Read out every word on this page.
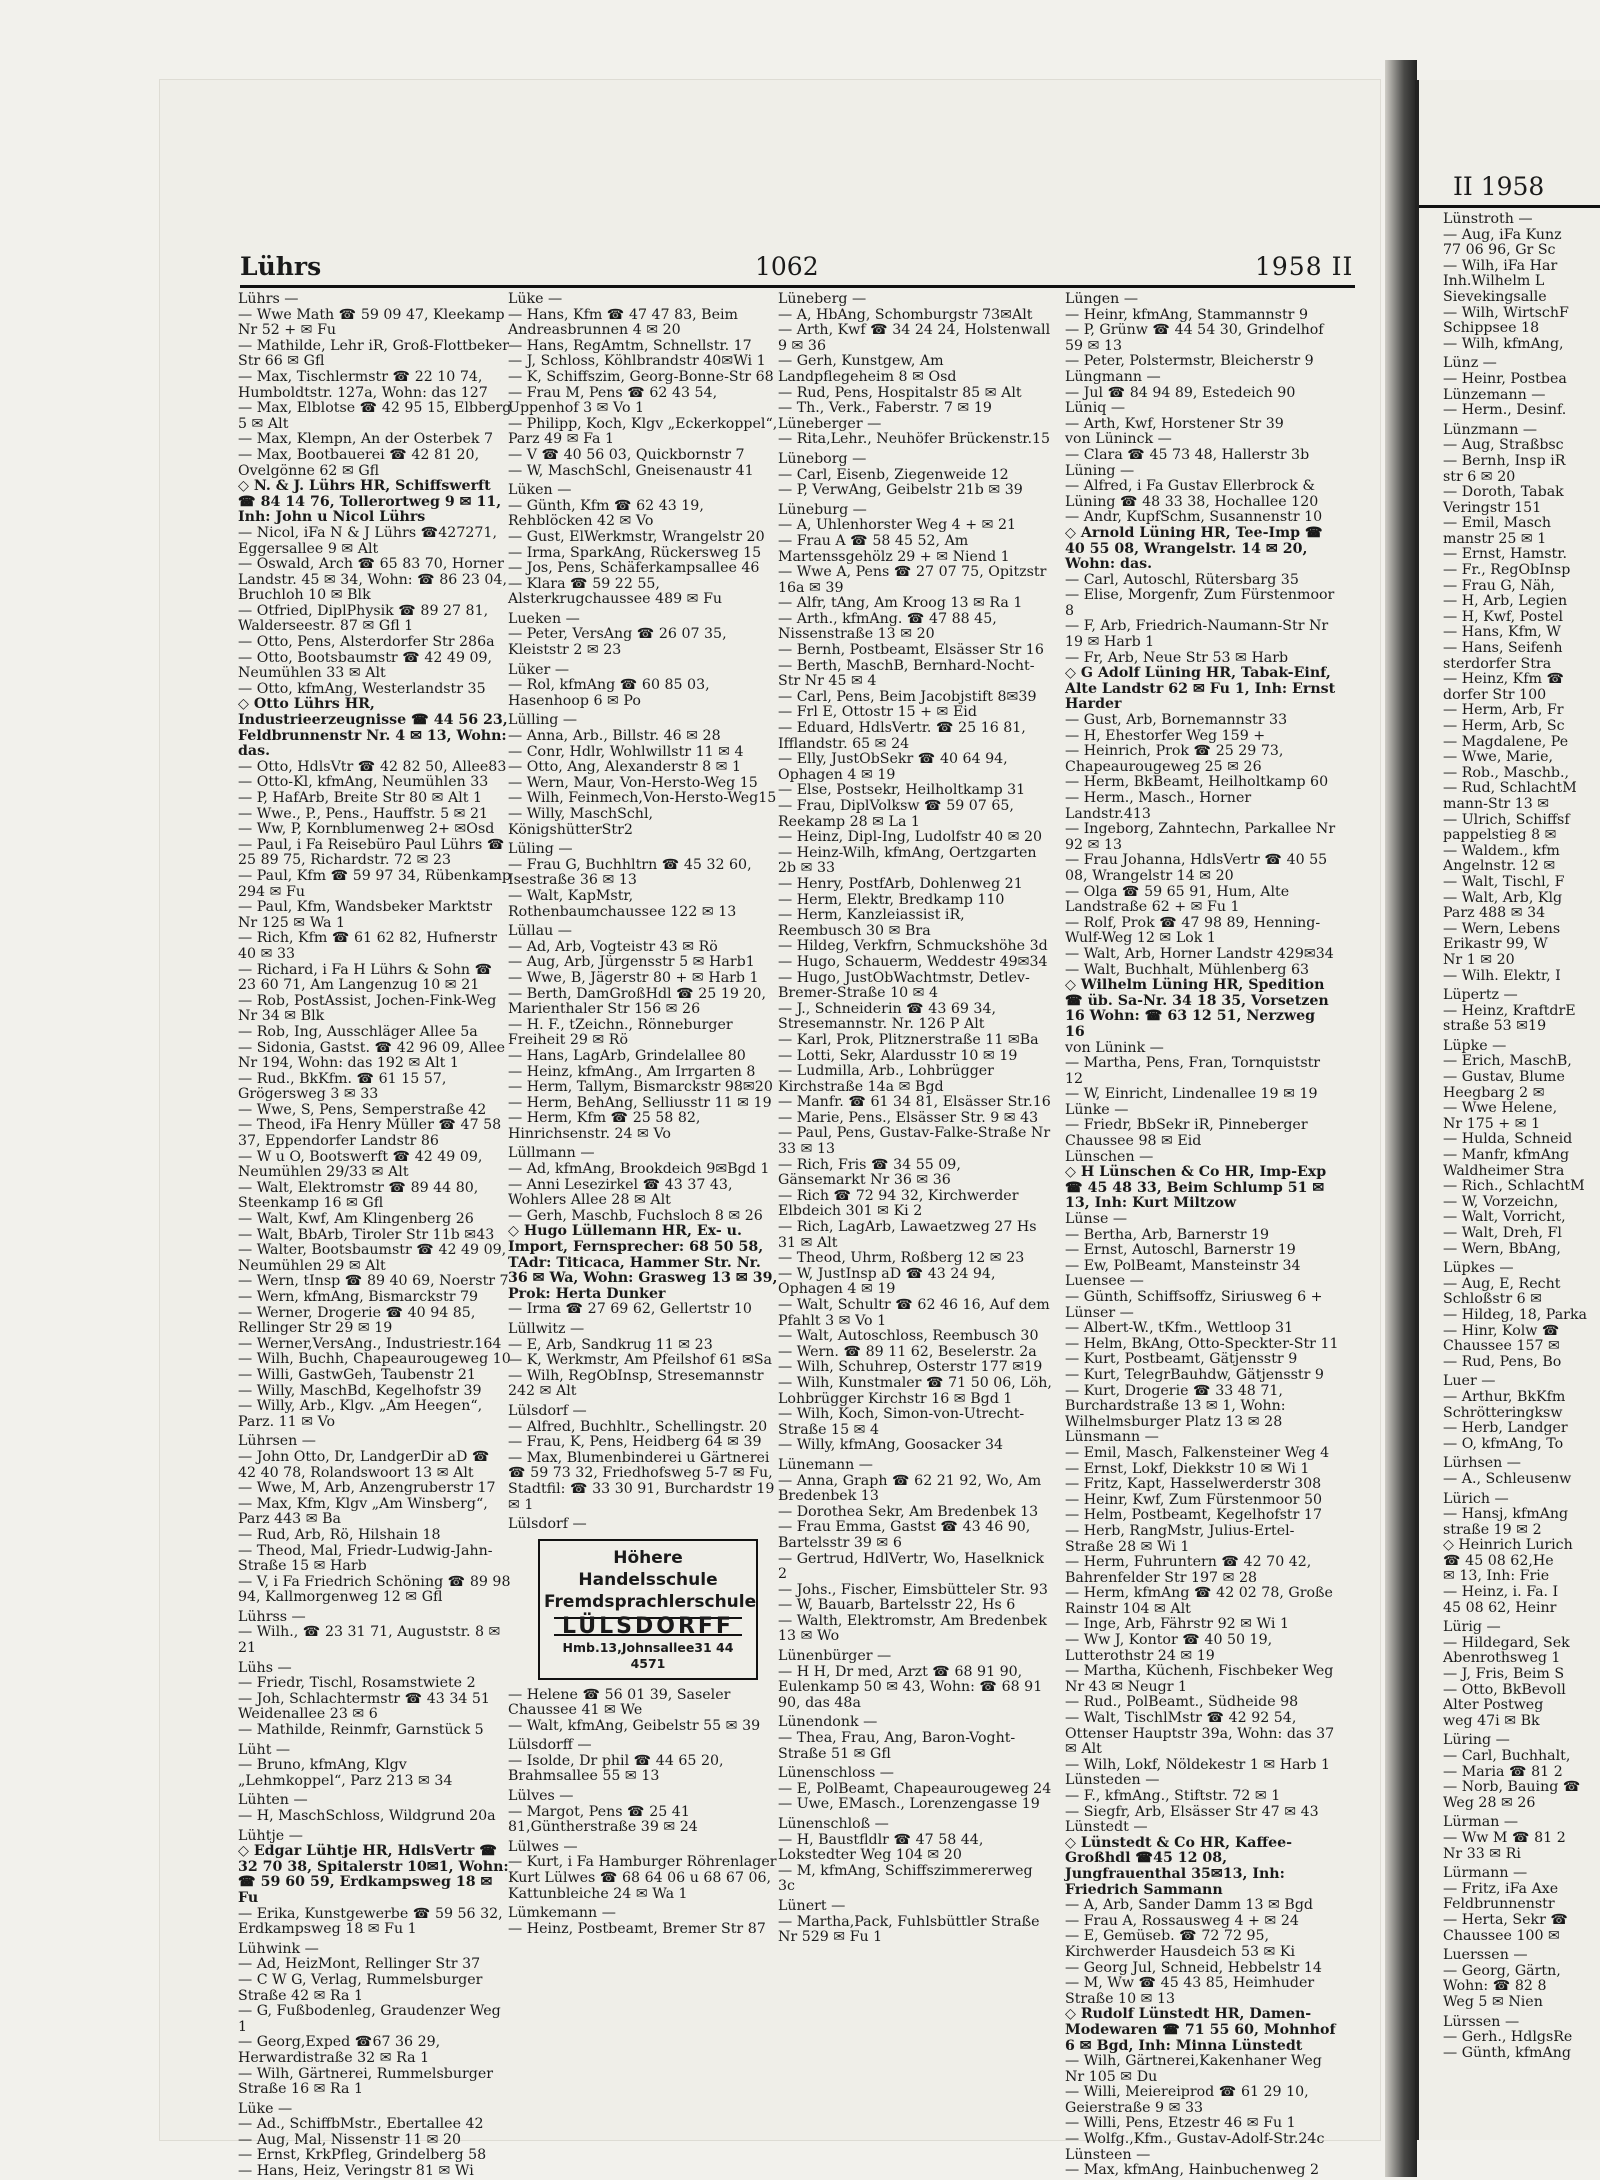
Lührs	1062	1958 II

Lührs —

— Wwe Math ☎ 59 09 47, Kleekamp Nr 52 + ✉ Fu

— Mathilde, Lehr iR, Groß-Flottbeker Str 66 ✉ Gfl

— Max, Tischlermstr ☎ 22 10 74, Humboldtstr. 127a, Wohn: das 127

— Max, Elblotse ☎ 42 95 15, Elbberg 5 ✉ Alt

— Max, Klempn, An der Osterbek 7

— Max, Bootbauerei ☎ 42 81 20, Ovelgönne 62 ✉ Gfl

◇ N. & J. Lührs HR, Schiffswerft ☎ 84 14 76, Tollerortweg 9 ✉ 11, Inh: John u Nicol Lührs

— Nicol, iFa N & J Lührs ☎427271, Eggersallee 9 ✉ Alt

— Oswald, Arch ☎ 65 83 70, Horner Landstr. 45 ✉ 34, Wohn: ☎ 86 23 04, Bruchloh 10 ✉ Blk

— Otfried, DiplPhysik ☎ 89 27 81, Walderseestr. 87 ✉ Gfl 1

— Otto, Pens, Alsterdorfer Str 286a

— Otto, Bootsbaumstr ☎ 42 49 09, Neumühlen 33 ✉ Alt

— Otto, kfmAng, Westerlandstr 35

◇ Otto Lührs HR, Industrieerzeugnisse ☎ 44 56 23, Feldbrunnenstr Nr. 4 ✉ 13, Wohn: das.

— Otto, HdlsVtr ☎ 42 82 50, Allee83

— Otto-Kl, kfmAng, Neumühlen 33

— P, HafArb, Breite Str 80 ✉ Alt 1

— Wwe., P., Pens., Hauffstr. 5 ✉ 21

— Ww, P, Kornblumenweg 2+ ✉Osd

— Paul, i Fa Reisebüro Paul Lührs ☎ 25 89 75, Richardstr. 72 ✉ 23

— Paul, Kfm ☎ 59 97 34, Rübenkamp 294 ✉ Fu

— Paul, Kfm, Wandsbeker Marktstr Nr 125 ✉ Wa 1

— Rich, Kfm ☎ 61 62 82, Hufnerstr 40 ✉ 33

— Richard, i Fa H Lührs & Sohn ☎ 23 60 71, Am Langenzug 10 ✉ 21

— Rob, PostAssist, Jochen-Fink-Weg Nr 34 ✉ Blk

— Rob, Ing, Ausschläger Allee 5a

— Sidonia, Gastst. ☎ 42 96 09, Allee Nr 194, Wohn: das 192 ✉ Alt 1

— Rud., BkKfm. ☎ 61 15 57, Grögersweg 3 ✉ 33

— Wwe, S, Pens, Semperstraße 42

— Theod, iFa Henry Müller ☎ 47 58 37, Eppendorfer Landstr 86

— W u O, Bootswerft ☎ 42 49 09, Neumühlen 29/33 ✉ Alt

— Walt, Elektromstr ☎ 89 44 80, Steenkamp 16 ✉ Gfl

— Walt, Kwf, Am Klingenberg 26

— Walt, BbArb, Tiroler Str 11b ✉43

— Walter, Bootsbaumstr ☎ 42 49 09, Neumühlen 29 ✉ Alt

— Wern, tInsp ☎ 89 40 69, Noerstr 7

— Wern, kfmAng, Bismarckstr 79

— Werner, Drogerie ☎ 40 94 85, Rellinger Str 29 ✉ 19

— Werner,VersAng., Industriestr.164

— Wilh, Buchh, Chapeaurougeweg 10

— Willi, GastwGeh, Taubenstr 21

— Willy, MaschBd, Kegelhofstr 39

— Willy, Arb., Klgv. „Am Heegen“, Parz. 11 ✉ Vo

Lührsen —

— John Otto, Dr, LandgerDir aD ☎ 42 40 78, Rolandswoort 13 ✉ Alt

— Wwe, M, Arb, Anzengruberstr 17

— Max, Kfm, Klgv „Am Winsberg“, Parz 443 ✉ Ba

— Rud, Arb, Rö, Hilshain 18

— Theod, Mal, Friedr-Ludwig-Jahn-Straße 15 ✉ Harb

— V, i Fa Friedrich Schöning ☎ 89 98 94, Kallmorgenweg 12 ✉ Gfl

Lührss —

— Wilh., ☎ 23 31 71, Auguststr. 8 ✉ 21

Lühs —

— Friedr, Tischl, Rosamstwiete 2

— Joh, Schlachtermstr ☎ 43 34 51 Weidenallee 23 ✉ 6

— Mathilde, Reinmfr, Garnstück 5

Lüht —

— Bruno, kfmAng, Klgv „Lehmkoppel“, Parz 213 ✉ 34

Lühten —

— H, MaschSchloss, Wildgrund 20a

Lühtje —

◇ Edgar Lühtje HR, HdlsVertr ☎ 32 70 38, Spitalerstr 10✉1, Wohn: ☎ 59 60 59, Erdkampsweg 18 ✉ Fu

— Erika, Kunstgewerbe ☎ 59 56 32, Erdkampsweg 18 ✉ Fu 1

Lühwink —

— Ad, HeizMont, Rellinger Str 37

— C W G, Verlag, Rummelsburger Straße 42 ✉ Ra 1

— G, Fußbodenleg, Graudenzer Weg 1

— Georg,Exped ☎67 36 29, Herwardistraße 32 ✉ Ra 1

— Wilh, Gärtnerei, Rummelsburger Straße 16 ✉ Ra 1

Lüke —

— Ad., SchiffbMstr., Ebertallee 42

— Aug, Mal, Nissenstr 11 ✉ 20

— Ernst, KrkPfleg, Grindelberg 58

— Hans, Heiz, Veringstr 81 ✉ Wi

Lüke —

— Hans, Kfm ☎ 47 47 83, Beim Andreasbrunnen 4 ✉ 20

— Hans, RegAmtm, Schnellstr. 17

— J, Schloss, Köhlbrandstr 40✉Wi 1

— K, Schiffszim, Georg-Bonne-Str 68

— Frau M, Pens ☎ 62 43 54, Uppenhof 3 ✉ Vo 1

— Philipp, Koch, Klgv „Eckerkoppel“, Parz 49 ✉ Fa 1

— V ☎ 40 56 03, Quickbornstr 7

— W, MaschSchl, Gneisenaustr 41

Lüken —

— Günth, Kfm ☎ 62 43 19, Rehblöcken 42 ✉ Vo

— Gust, ElWerkmstr, Wrangelstr 20

— Irma, SparkAng, Rückersweg 15

— Jos, Pens, Schäferkampsallee 46

— Klara ☎ 59 22 55, Alsterkrugchaussee 489 ✉ Fu

Lueken —

— Peter, VersAng ☎ 26 07 35, Kleiststr 2 ✉ 23

Lüker —

— Rol, kfmAng ☎ 60 85 03, Hasenhoop 6 ✉ Po

Lülling —

— Anna, Arb., Billstr. 46 ✉ 28

— Conr, Hdlr, Wohlwillstr 11 ✉ 4

— Otto, Ang, Alexanderstr 8 ✉ 1

— Wern, Maur, Von-Hersto-Weg 15

— Wilh, Feinmech,Von-Hersto-Weg15

— Willy, MaschSchl, KönigshütterStr2

Lüling —

— Frau G, Buchhltrn ☎ 45 32 60, Isestraße 36 ✉ 13

— Walt, KapMstr, Rothenbaumchaussee 122 ✉ 13

Lüllau —

— Ad, Arb, Vogteistr 43 ✉ Rö

— Aug, Arb, Jürgensstr 5 ✉ Harb1

— Wwe, B, Jägerstr 80 + ✉ Harb 1

— Berth, DamGroßHdl ☎ 25 19 20, Marienthaler Str 156 ✉ 26

— H. F., tZeichn., Rönneburger Freiheit 29 ✉ Rö

— Hans, LagArb, Grindelallee 80

— Heinz, kfmAng., Am Irrgarten 8

— Herm, Tallym, Bismarckstr 98✉20

— Herm, BehAng, Selliusstr 11 ✉ 19

— Herm, Kfm ☎ 25 58 82, Hinrichsenstr. 24 ✉ Vo

Lüllmann —

— Ad, kfmAng, Brookdeich 9✉Bgd 1

— Anni Lesezirkel ☎ 43 37 43, Wohlers Allee 28 ✉ Alt

— Gerh, Maschb, Fuchsloch 8 ✉ 26

◇ Hugo Lüllemann HR, Ex- u. Import, Fernsprecher: 68 50 58, TAdr: Titicaca, Hammer Str. Nr. 36 ✉ Wa, Wohn: Grasweg 13 ✉ 39, Prok: Herta Dunker

— Irma ☎ 27 69 62, Gellertstr 10

Lüllwitz —

— E, Arb, Sandkrug 11 ✉ 23

— K, Werkmstr, Am Pfeilshof 61 ✉Sa

— Wilh, RegObInsp, Stresemannstr 242 ✉ Alt

Lülsdorf —

— Alfred, Buchhltr., Schellingstr. 20

— Frau, K, Pens, Heidberg 64 ✉ 39

— Max, Blumenbinderei u Gärtnerei ☎ 59 73 32, Friedhofsweg 5-7 ✉ Fu, Stadtfil: ☎ 33 30 91, Burchardstr 19 ✉ 1

Lülsdorf —

Höhere Handelsschule
Fremdsprachlerschule
LÜLSDORFF
Hmb.13,Johnsallee31 44 4571

— Helene ☎ 56 01 39, Saseler Chaussee 41 ✉ We

— Walt, kfmAng, Geibelstr 55 ✉ 39

Lülsdorff —

— Isolde, Dr phil ☎ 44 65 20, Brahmsallee 55 ✉ 13

Lülves —

— Margot, Pens ☎ 25 41 81,Güntherstraße 39 ✉ 24

Lülwes —

— Kurt, i Fa Hamburger Röhrenlager Kurt Lülwes ☎ 68 64 06 u 68 67 06, Kattunbleiche 24 ✉ Wa 1

Lümkemann —

— Heinz, Postbeamt, Bremer Str 87

Lüneberg —

— A, HbAng, Schomburgstr 73✉Alt

— Arth, Kwf ☎ 34 24 24, Holstenwall 9 ✉ 36

— Gerh, Kunstgew, Am Landpflegeheim 8 ✉ Osd

— Rud, Pens, Hospitalstr 85 ✉ Alt

— Th., Verk., Faberstr. 7 ✉ 19

Lüneberger —

— Rita,Lehr., Neuhöfer Brückenstr.15

Lüneborg —

— Carl, Eisenb, Ziegenweide 12

— P, VerwAng, Geibelstr 21b ✉ 39

Lüneburg —

— A, Uhlenhorster Weg 4 + ✉ 21

— Frau A ☎ 58 45 52, Am Martenssgehölz 29 + ✉ Niend 1

— Wwe A, Pens ☎ 27 07 75, Opitzstr 16a ✉ 39

— Alfr, tAng, Am Kroog 13 ✉ Ra 1

— Arth., kfmAng. ☎ 47 88 45, Nissenstraße 13 ✉ 20

— Bernh, Postbeamt, Elsässer Str 16

— Berth, MaschB, Bernhard-Nocht-Str Nr 45 ✉ 4

— Carl, Pens, Beim Jacobjstift 8✉39

— Frl E, Ottostr 15 + ✉ Eid

— Eduard, HdlsVertr. ☎ 25 16 81, Ifflandstr. 65 ✉ 24

— Elly, JustObSekr ☎ 40 64 94, Ophagen 4 ✉ 19

— Else, Postsekr, Heilholtkamp 31

— Frau, DiplVolksw ☎ 59 07 65, Reekamp 28 ✉ La 1

— Heinz, Dipl-Ing, Ludolfstr 40 ✉ 20

— Heinz-Wilh, kfmAng, Oertzgarten 2b ✉ 33

— Henry, PostfArb, Dohlenweg 21

— Herm, Elektr, Bredkamp 110

— Herm, Kanzleiassist iR, Reembusch 30 ✉ Bra

— Hildeg, Verkfrn, Schmuckshöhe 3d

— Hugo, Schauerm, Weddestr 49✉34

— Hugo, JustObWachtmstr, Detlev-Bremer-Straße 10 ✉ 4

— J., Schneiderin ☎ 43 69 34, Stresemannstr. Nr. 126 P Alt

— Karl, Prok, Plitznerstraße 11 ✉Ba

— Lotti, Sekr, Alardusstr 10 ✉ 19

— Ludmilla, Arb., Lohbrügger Kirchstraße 14a ✉ Bgd

— Manfr. ☎ 61 34 81, Elsässer Str.16

— Marie, Pens., Elsässer Str. 9 ✉ 43

— Paul, Pens, Gustav-Falke-Straße Nr 33 ✉ 13

— Rich, Fris ☎ 34 55 09, Gänsemarkt Nr 36 ✉ 36

— Rich ☎ 72 94 32, Kirchwerder Elbdeich 301 ✉ Ki 2

— Rich, LagArb, Lawaetzweg 27 Hs 31 ✉ Alt

— Theod, Uhrm, Roßberg 12 ✉ 23

— W, JustInsp aD ☎ 43 24 94, Ophagen 4 ✉ 19

— Walt, Schultr ☎ 62 46 16, Auf dem Pfahlt 3 ✉ Vo 1

— Walt, Autoschloss, Reembusch 30

— Wern. ☎ 89 11 62, Beselerstr. 2a

— Wilh, Schuhrep, Osterstr 177 ✉19

— Wilh, Kunstmaler ☎ 71 50 06, Löh, Lohbrügger Kirchstr 16 ✉ Bgd 1

— Wilh, Koch, Simon-von-Utrecht-Straße 15 ✉ 4

— Willy, kfmAng, Goosacker 34

Lünemann —

— Anna, Graph ☎ 62 21 92, Wo, Am Bredenbek 13

— Dorothea Sekr, Am Bredenbek 13

— Frau Emma, Gastst ☎ 43 46 90, Bartelsstr 39 ✉ 6

— Gertrud, HdlVertr, Wo, Haselknick 2

— Johs., Fischer, Eimsbütteler Str. 93

— W, Bauarb, Bartelsstr 22, Hs 6

— Walth, Elektromstr, Am Bredenbek 13 ✉ Wo

Lünenbürger —

— H H, Dr med, Arzt ☎ 68 91 90, Eulenkamp 50 ✉ 43, Wohn: ☎ 68 91 90, das 48a

Lünendonk —

— Thea, Frau, Ang, Baron-Voght-Straße 51 ✉ Gfl

Lünenschloss —

— E, PolBeamt, Chapeaurougeweg 24

— Uwe, EMasch., Lorenzengasse 19

Lünenschloß —

— H, Baustfldlr ☎ 47 58 44, Lokstedter Weg 104 ✉ 20

— M, kfmAng, Schiffszimmererweg 3c

Lünert —

— Martha,Pack, Fuhlsbüttler Straße Nr 529 ✉ Fu 1

Lüngen —

— Heinr, kfmAng, Stammannstr 9

— P, Grünw ☎ 44 54 30, Grindelhof 59 ✉ 13

— Peter, Polstermstr, Bleicherstr 9

Lüngmann —

— Jul ☎ 84 94 89, Estedeich 90

Lüniq —

— Arth, Kwf, Horstener Str 39

von Lüninck —

— Clara ☎ 45 73 48, Hallerstr 3b

Lüning —

— Alfred, i Fa Gustav Ellerbrock & Lüning ☎ 48 33 38, Hochallee 120

— Andr, KupfSchm, Susannenstr 10

◇ Arnold Lüning HR, Tee-Imp ☎ 40 55 08, Wrangelstr. 14 ✉ 20, Wohn: das.

— Carl, Autoschl, Rütersbarg 35

— Elise, Morgenfr, Zum Fürstenmoor 8

— F, Arb, Friedrich-Naumann-Str Nr 19 ✉ Harb 1

— Fr, Arb, Neue Str 53 ✉ Harb

◇ G Adolf Lüning HR, Tabak-Einf, Alte Landstr 62 ✉ Fu 1, Inh: Ernst Harder

— Gust, Arb, Bornemannstr 33

— H, Ehestorfer Weg 159 +

— Heinrich, Prok ☎ 25 29 73, Chapeaurougeweg 25 ✉ 26

— Herm, BkBeamt, Heilholtkamp 60

— Herm., Masch., Horner Landstr.413

— Ingeborg, Zahntechn, Parkallee Nr 92 ✉ 13

— Frau Johanna, HdlsVertr ☎ 40 55 08, Wrangelstr 14 ✉ 20

— Olga ☎ 59 65 91, Hum, Alte Landstraße 62 + ✉ Fu 1

— Rolf, Prok ☎ 47 98 89, Henning-Wulf-Weg 12 ✉ Lok 1

— Walt, Arb, Horner Landstr 429✉34

— Walt, Buchhalt, Mühlenberg 63

◇ Wilhelm Lüning HR, Spedition ☎ üb. Sa-Nr. 34 18 35, Vorsetzen 16 Wohn: ☎ 63 12 51, Nerzweg 16

von Lünink —

— Martha, Pens, Fran, Tornquiststr 12

— W, Einricht, Lindenallee 19 ✉ 19

Lünke —

— Friedr, BbSekr iR, Pinneberger Chaussee 98 ✉ Eid

Lünschen —

◇ H Lünschen & Co HR, Imp-Exp ☎ 45 48 33, Beim Schlump 51 ✉ 13, Inh: Kurt Miltzow

Lünse —

— Bertha, Arb, Barnerstr 19

— Ernst, Autoschl, Barnerstr 19

— Ew, PolBeamt, Mansteinstr 34

Luensee —

— Günth, Schiffsoffz, Siriusweg 6 +

Lünser —

— Albert-W., tKfm., Wettloop 31

— Helm, BkAng, Otto-Speckter-Str 11

— Kurt, Postbeamt, Gätjensstr 9

— Kurt, TelegrBauhdw, Gätjensstr 9

— Kurt, Drogerie ☎ 33 48 71, Burchardstraße 13 ✉ 1, Wohn: Wilhelmsburger Platz 13 ✉ 28

Lünsmann —

— Emil, Masch, Falkensteiner Weg 4

— Ernst, Lokf, Diekkstr 10 ✉ Wi 1

— Fritz, Kapt, Hasselwerderstr 308

— Heinr, Kwf, Zum Fürstenmoor 50

— Helm, Postbeamt, Kegelhofstr 17

— Herb, RangMstr, Julius-Ertel-Straße 28 ✉ Wi 1

— Herm, Fuhruntern ☎ 42 70 42, Bahrenfelder Str 197 ✉ 28

— Herm, kfmAng ☎ 42 02 78, Große Rainstr 104 ✉ Alt

— Inge, Arb, Fährstr 92 ✉ Wi 1

— Ww J, Kontor ☎ 40 50 19, Lutterothstr 24 ✉ 19

— Martha, Küchenh, Fischbeker Weg Nr 43 ✉ Neugr 1

— Rud., PolBeamt., Südheide 98

— Walt, TischlMstr ☎ 42 92 54, Ottenser Hauptstr 39a, Wohn: das 37 ✉ Alt

— Wilh, Lokf, Nöldekestr 1 ✉ Harb 1

Lünsteden —

— F., kfmAng., Stiftstr. 72 ✉ 1

— Siegfr, Arb, Elsässer Str 47 ✉ 43

Lünstedt —

◇ Lünstedt & Co HR, Kaffee-Großhdl ☎45 12 08, Jungfrauenthal 35✉13, Inh: Friedrich Sammann

— A, Arb, Sander Damm 13 ✉ Bgd

— Frau A, Rossausweg 4 + ✉ 24

— E, Gemüseb. ☎ 72 72 95, Kirchwerder Hausdeich 53 ✉ Ki

— Georg Jul, Schneid, Hebbelstr 14

— M, Ww ☎ 45 43 85, Heimhuder Straße 10 ✉ 13

◇ Rudolf Lünstedt HR, Damen-Modewaren ☎ 71 55 60, Mohnhof 6 ✉ Bgd, Inh: Minna Lünstedt

— Wilh, Gärtnerei,Kakenhaner Weg Nr 105 ✉ Du

— Willi, Meiereiprod ☎ 61 29 10, Geierstraße 9 ✉ 33

— Willi, Pens, Etzestr 46 ✉ Fu 1

— Wolfg.,Kfm., Gustav-Adolf-Str.24c

Lünsteen —

— Max, kfmAng, Hainbuchenweg 2

II 1958

Lünstroth —

— Aug, iFa Kunz

77 06 96, Gr Sc

— Wilh, iFa Har

Inh.Wilhelm L

Sievekingsalle

— Wilh, WirtschF

Schippsee 18

— Wilh, kfmAng,

Lünz —

— Heinr, Postbea

Lünzemann —

— Herm., Desinf.

Lünzmann —

— Aug, Straßbsc

— Bernh, Insp iR

str 6 ✉ 20

— Doroth, Tabak

Veringstr 151

— Emil, Masch

manstr 25 ✉ 1

— Ernst, Hamstr.

— Fr., RegObInsp

— Frau G, Näh,

— H, Arb, Legien

— H, Kwf, Postel

— Hans, Kfm, W

— Hans, Seifenh

sterdorfer Stra

— Heinz, Kfm ☎

dorfer Str 100

— Herm, Arb, Fr

— Herm, Arb, Sc

— Magdalene, Pe

— Wwe, Marie,

— Rob., Maschb.,

— Rud, SchlachtM

mann-Str 13 ✉

— Ulrich, Schiffsf

pappelstieg 8 ✉

— Waldem., kfm

Angelnstr. 12 ✉

— Walt, Tischl, F

— Walt, Arb, Klg

Parz 488 ✉ 34

— Wern, Lebens

Erikastr 99, W

Nr 1 ✉ 20

— Wilh. Elektr, I

Lüpertz —

— Heinz, KraftdrE

straße 53 ✉19

Lüpke —

— Erich, MaschB,

— Gustav, Blume

Heegbarg 2 ✉

— Wwe Helene,

Nr 175 + ✉ 1

— Hulda, Schneid

— Manfr, kfmAng

Waldheimer Stra

— Rich., SchlachtM

— W, Vorzeichn,

— Walt, Vorricht,

— Walt, Dreh, Fl

— Wern, BbAng,

Lüpkes —

— Aug, E, Recht

Schloßstr 6 ✉

— Hildeg, 18, Parka

— Hinr, Kolw ☎

Chaussee 157 ✉

— Rud, Pens, Bo

Luer —

— Arthur, BkKfm

Schrötteringksw

— Herb, Landger

— O, kfmAng, To

Lürhsen —

— A., Schleusenw

Lürich —

— Hansj, kfmAng

straße 19 ✉ 2

◇ Heinrich Lurich

☎ 45 08 62,He

✉ 13, Inh: Frie

— Heinz, i. Fa. I

45 08 62, Heinr

Lürig —

— Hildegard, Sek

Abenrothsweg 1

— J, Fris, Beim S

— Otto, BkBevoll

Alter Postweg

weg 47i ✉ Bk

Lüring —

— Carl, Buchhalt,

— Maria ☎ 81 2

— Norb, Bauing ☎

Weg 28 ✉ 26

Lürman —

— Ww M ☎ 81 2

Nr 33 ✉ Ri

Lürmann —

— Fritz, iFa Axe

Feldbrunnenstr

— Herta, Sekr ☎

Chaussee 100 ✉

Luerssen —

— Georg, Gärtn,

Wohn: ☎ 82 8

Weg 5 ✉ Nien

Lürssen —

— Gerh., HdlgsRe

— Günth, kfmAng
